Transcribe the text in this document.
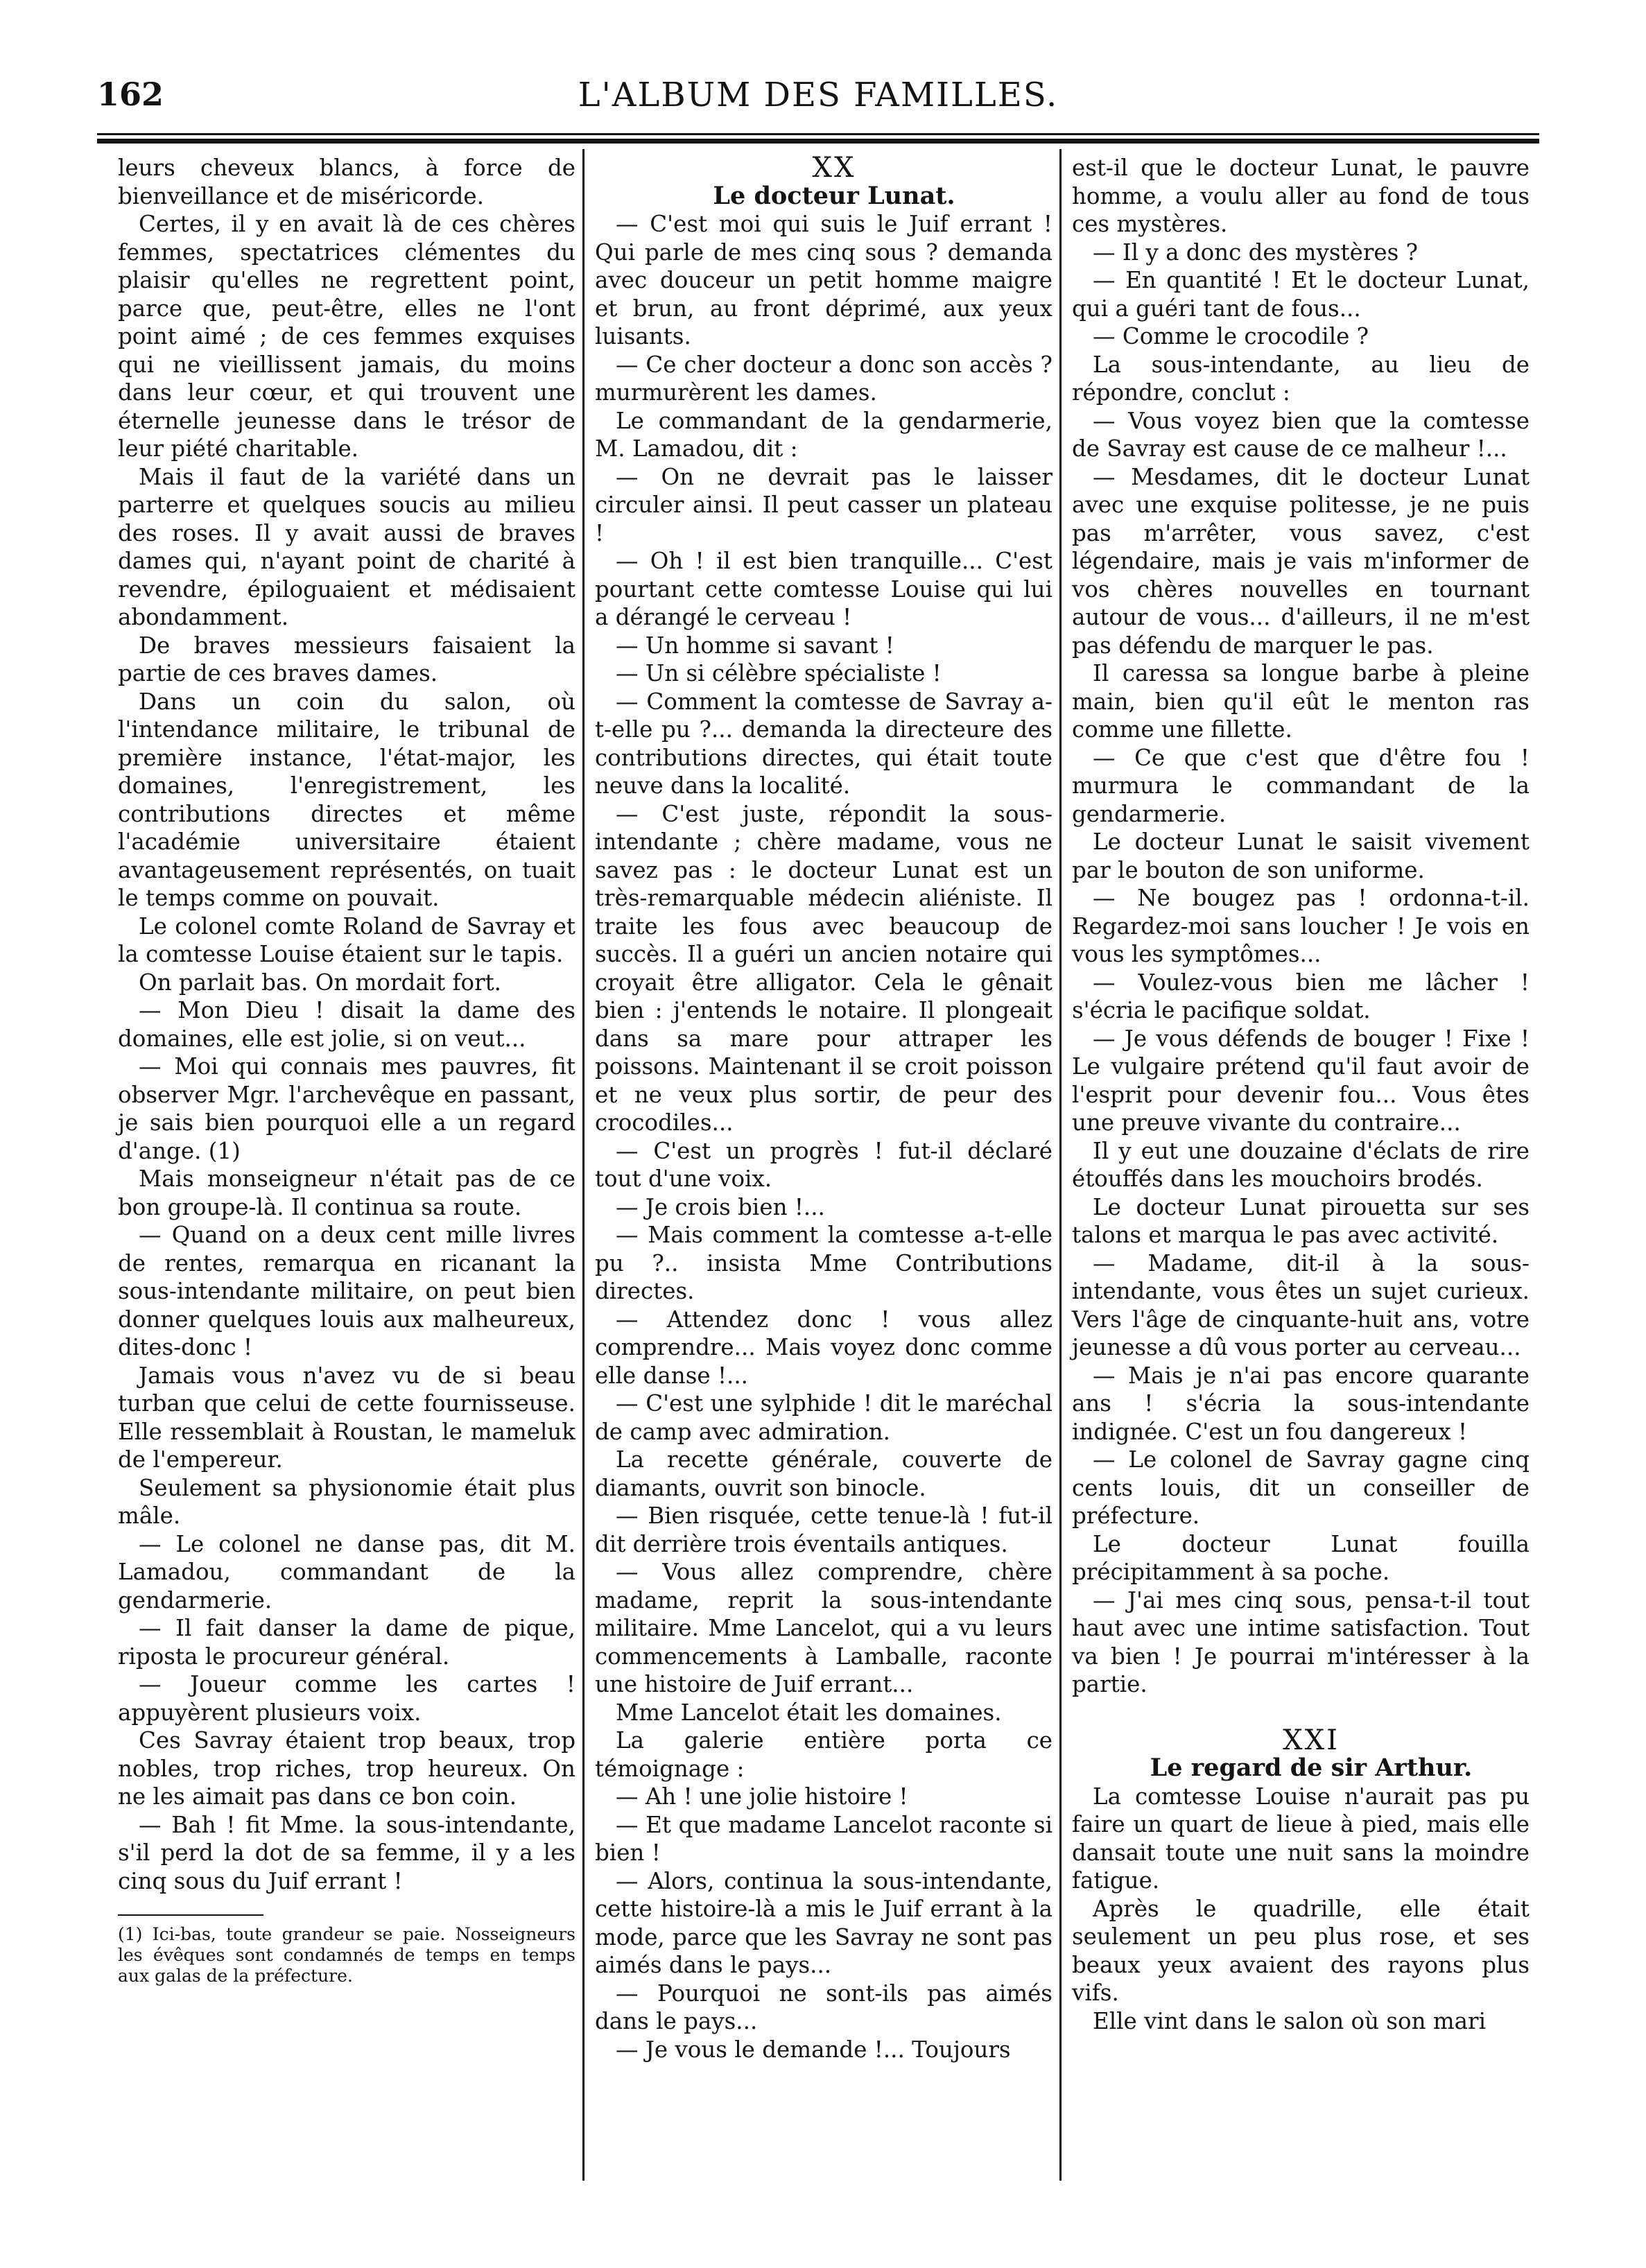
162	L'ALBUM DES FAMILLES.

leurs cheveux blancs, à force de bienveillance et de miséricorde.

Certes, il y en avait là de ces chères femmes, spectatrices clémentes du plaisir qu'elles ne regrettent point, parce que, peut-être, elles ne l'ont point aimé ; de ces femmes exquises qui ne vieillissent jamais, du moins dans leur cœur, et qui trouvent une éternelle jeunesse dans le trésor de leur piété charitable.

Mais il faut de la variété dans un parterre et quelques soucis au milieu des roses. Il y avait aussi de braves dames qui, n'ayant point de charité à revendre, épiloguaient et médisaient abondamment.

De braves messieurs faisaient la partie de ces braves dames.

Dans un coin du salon, où l'intendance militaire, le tribunal de première instance, l'état-major, les domaines, l'enregistrement, les contributions directes et même l'académie universitaire étaient avantageusement représentés, on tuait le temps comme on pouvait.

Le colonel comte Roland de Savray et la comtesse Louise étaient sur le tapis.

On parlait bas. On mordait fort.

— Mon Dieu ! disait la dame des domaines, elle est jolie, si on veut...

— Moi qui connais mes pauvres, fit observer Mgr. l'archevêque en passant, je sais bien pourquoi elle a un regard d'ange. (1)

Mais monseigneur n'était pas de ce bon groupe-là. Il continua sa route.

— Quand on a deux cent mille livres de rentes, remarqua en ricanant la sous-intendante militaire, on peut bien donner quelques louis aux malheureux, dites-donc !

Jamais vous n'avez vu de si beau turban que celui de cette fournisseuse. Elle ressemblait à Roustan, le mameluk de l'empereur.

Seulement sa physionomie était plus mâle.

— Le colonel ne danse pas, dit M. Lamadou, commandant de la gendarmerie.

— Il fait danser la dame de pique, riposta le procureur général.

— Joueur comme les cartes ! appuyèrent plusieurs voix.

Ces Savray étaient trop beaux, trop nobles, trop riches, trop heureux. On ne les aimait pas dans ce bon coin.

— Bah ! fit Mme. la sous-intendante, s'il perd la dot de sa femme, il y a les cinq sous du Juif errant !

(1) Ici-bas, toute grandeur se paie. Nosseigneurs les évêques sont condamnés de temps en temps aux galas de la préfecture.

XX

Le docteur Lunat.

— C'est moi qui suis le Juif errant ! Qui parle de mes cinq sous ? demanda avec douceur un petit homme maigre et brun, au front déprimé, aux yeux luisants.

— Ce cher docteur a donc son accès ? murmurèrent les dames.

Le commandant de la gendarmerie, M. Lamadou, dit :

— On ne devrait pas le laisser circuler ainsi. Il peut casser un plateau !

— Oh ! il est bien tranquille... C'est pourtant cette comtesse Louise qui lui a dérangé le cerveau !

— Un homme si savant !

— Un si célèbre spécialiste !

— Comment la comtesse de Savray a-t-elle pu ?... demanda la directeure des contributions directes, qui était toute neuve dans la localité.

— C'est juste, répondit la sous-intendante ; chère madame, vous ne savez pas : le docteur Lunat est un très-remarquable médecin aliéniste. Il traite les fous avec beaucoup de succès. Il a guéri un ancien notaire qui croyait être alligator. Cela le gênait bien : j'entends le notaire. Il plongeait dans sa mare pour attraper les poissons. Maintenant il se croit poisson et ne veux plus sortir, de peur des crocodiles...

— C'est un progrès ! fut-il déclaré tout d'une voix.

— Je crois bien !...

— Mais comment la comtesse a-t-elle pu ?.. insista Mme Contributions directes.

— Attendez donc ! vous allez comprendre... Mais voyez donc comme elle danse !...

— C'est une sylphide ! dit le maréchal de camp avec admiration.

La recette générale, couverte de diamants, ouvrit son binocle.

— Bien risquée, cette tenue-là ! fut-il dit derrière trois éventails antiques.

— Vous allez comprendre, chère madame, reprit la sous-intendante militaire. Mme Lancelot, qui a vu leurs commencements à Lamballe, raconte une histoire de Juif errant...

Mme Lancelot était les domaines.

La galerie entière porta ce témoignage :

— Ah ! une jolie histoire !

— Et que madame Lancelot raconte si bien !

— Alors, continua la sous-intendante, cette histoire-là a mis le Juif errant à la mode, parce que les Savray ne sont pas aimés dans le pays...

— Pourquoi ne sont-ils pas aimés dans le pays...

— Je vous le demande !... Toujours

est-il que le docteur Lunat, le pauvre homme, a voulu aller au fond de tous ces mystères.

— Il y a donc des mystères ?

— En quantité ! Et le docteur Lunat, qui a guéri tant de fous...

— Comme le crocodile ?

La sous-intendante, au lieu de répondre, conclut :

— Vous voyez bien que la comtesse de Savray est cause de ce malheur !...

— Mesdames, dit le docteur Lunat avec une exquise politesse, je ne puis pas m'arrêter, vous savez, c'est légendaire, mais je vais m'informer de vos chères nouvelles en tournant autour de vous... d'ailleurs, il ne m'est pas défendu de marquer le pas.

Il caressa sa longue barbe à pleine main, bien qu'il eût le menton ras comme une fillette.

— Ce que c'est que d'être fou ! murmura le commandant de la gendarmerie.

Le docteur Lunat le saisit vivement par le bouton de son uniforme.

— Ne bougez pas ! ordonna-t-il. Regardez-moi sans loucher ! Je vois en vous les symptômes...

— Voulez-vous bien me lâcher ! s'écria le pacifique soldat.

— Je vous défends de bouger ! Fixe ! Le vulgaire prétend qu'il faut avoir de l'esprit pour devenir fou... Vous êtes une preuve vivante du contraire...

Il y eut une douzaine d'éclats de rire étouffés dans les mouchoirs brodés.

Le docteur Lunat pirouetta sur ses talons et marqua le pas avec activité.

— Madame, dit-il à la sous-intendante, vous êtes un sujet curieux. Vers l'âge de cinquante-huit ans, votre jeunesse a dû vous porter au cerveau...

— Mais je n'ai pas encore quarante ans ! s'écria la sous-intendante indignée. C'est un fou dangereux !

— Le colonel de Savray gagne cinq cents louis, dit un conseiller de préfecture.

Le docteur Lunat fouilla précipitamment à sa poche.

— J'ai mes cinq sous, pensa-t-il tout haut avec une intime satisfaction. Tout va bien ! Je pourrai m'intéresser à la partie.

XXI

Le regard de sir Arthur.

La comtesse Louise n'aurait pas pu faire un quart de lieue à pied, mais elle dansait toute une nuit sans la moindre fatigue.

Après le quadrille, elle était seulement un peu plus rose, et ses beaux yeux avaient des rayons plus vifs.

Elle vint dans le salon où son mari
